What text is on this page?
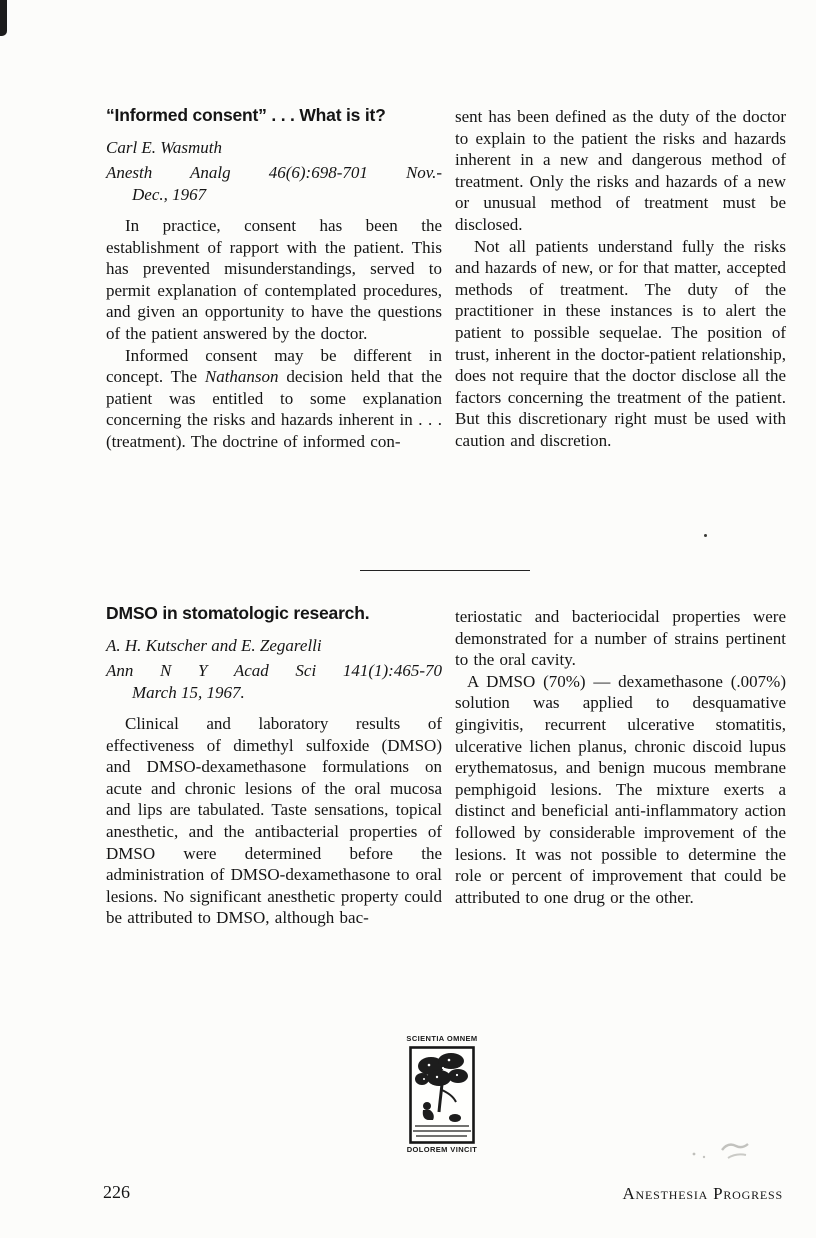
“Informed consent” . . . What is it?

Carl E. Wasmuth

Anesth Analg 46(6):698-701 Nov.-
Dec., 1967

In practice, consent has been the establishment of rapport with the patient. This has prevented misunderstandings, served to permit explanation of contemplated procedures, and given an opportunity to have the questions of the patient answered by the doctor.

Informed consent may be different in concept. The Nathanson decision held that the patient was entitled to some explanation concerning the risks and hazards inherent in . . . (treatment). The doctrine of informed con-

sent has been defined as the duty of the doctor to explain to the patient the risks and hazards inherent in a new and dangerous method of treatment. Only the risks and hazards of a new or unusual method of treatment must be disclosed.

Not all patients understand fully the risks and hazards of new, or for that matter, accepted methods of treatment. The duty of the practitioner in these instances is to alert the patient to possible sequelae. The position of trust, inherent in the doctor-patient relationship, does not require that the doctor disclose all the factors concerning the treatment of the patient. But this discretionary right must be used with caution and discretion.

DMSO in stomatologic research.

A. H. Kutscher and E. Zegarelli

Ann N Y Acad Sci 141(1):465-70
March 15, 1967.

Clinical and laboratory results of effectiveness of dimethyl sulfoxide (DMSO) and DMSO-dexamethasone formulations on acute and chronic lesions of the oral mucosa and lips are tabulated. Taste sensations, topical anesthetic, and the antibacterial properties of DMSO were determined before the administration of DMSO-dexamethasone to oral lesions. No significant anesthetic property could be attributed to DMSO, although bac-

teriostatic and bacteriocidal properties were demonstrated for a number of strains pertinent to the oral cavity.

A DMSO (70%) — dexamethasone (.007%) solution was applied to desquamative gingivitis, recurrent ulcerative stomatitis, ulcerative lichen planus, chronic discoid lupus erythematosus, and benign mucous membrane pemphigoid lesions. The mixture exerts a distinct and beneficial anti-inflammatory action followed by considerable improvement of the lesions. It was not possible to determine the role or percent of improvement that could be attributed to one drug or the other.

SCIENTIA OMNEM
DOLOREM VINCIT
226	Anesthesia Progress
